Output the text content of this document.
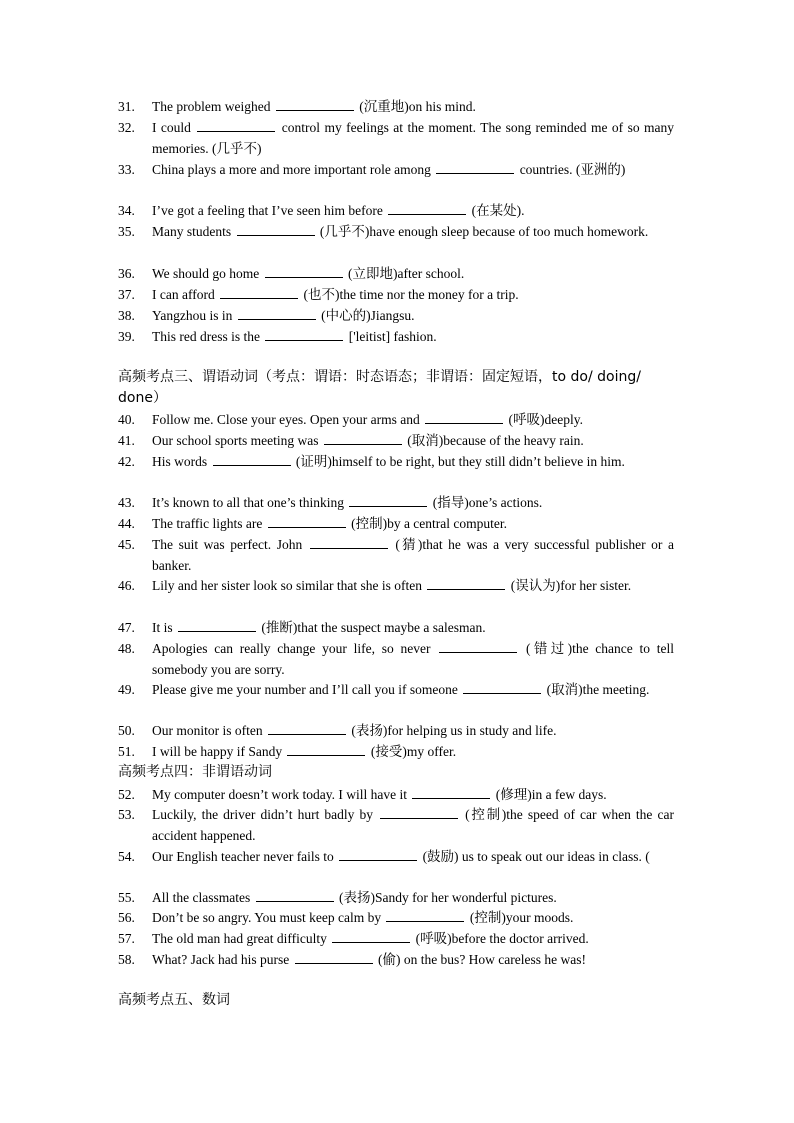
31.	The problem weighed	(沉重地)on his mind.
32.	I could	control my feelings at the moment. The song reminded me of so many memories. (几乎不)
33.	China plays a more and more important role among	countries. (亚洲的)
34.	I’ve got a feeling that I’ve seen him before	(在某处).
35.	Many students	(几乎不)have enough sleep because of too much homework.
36.	We should go home	(立即地)after school.
37.	I can afford	(也不)the time nor the money for a trip.
38.	Yangzhou is in	(中心的)Jiangsu.
39.	This red dress is the	['leitist] fashion.
高频考点三、谓语动词（考点：谓语：时态语态；非谓语：固定短语，to do/ doing/ done）
40.	Follow me. Close your eyes. Open your arms and	(呼吸)deeply.
41.	Our school sports meeting was	(取消)because of the heavy rain.
42.	His words	(证明)himself to be right, but they still didn’t believe in him.
43.	It’s known to all that one’s thinking	(指导)one’s actions.
44.	The traffic lights are	(控制)by a central computer.
45.	The suit was perfect. John	(猜)that he was a very successful publisher or a banker.
46.	Lily and her sister look so similar that she is often	(误认为)for her sister.
47.	It is	(推断)that the suspect maybe a salesman.
48.	Apologies can really change your life, so never	(错过)the chance to tell somebody you are sorry.
49.	Please give me your number and I’ll call you if someone	(取消)the meeting.
50.	Our monitor is often	(表扬)for helping us in study and life.
51.	I will be happy if Sandy	(接受)my offer.
高频考点四：非谓语动词
52.	My computer doesn’t work today. I will have it	(修理)in a few days.
53.	Luckily, the driver didn’t hurt badly by	(控制)the speed of car when the car accident happened.
54.	Our English teacher never fails to	(鼓励) us to speak out our ideas in class. (
55.	All the classmates	(表扬)Sandy for her wonderful pictures.
56.	Don’t be so angry. You must keep calm by	(控制)your moods.
57.	The old man had great difficulty	(呼吸)before the doctor arrived.
58.	What? Jack had his purse	(偷) on the bus? How careless he was!
高频考点五、数词
